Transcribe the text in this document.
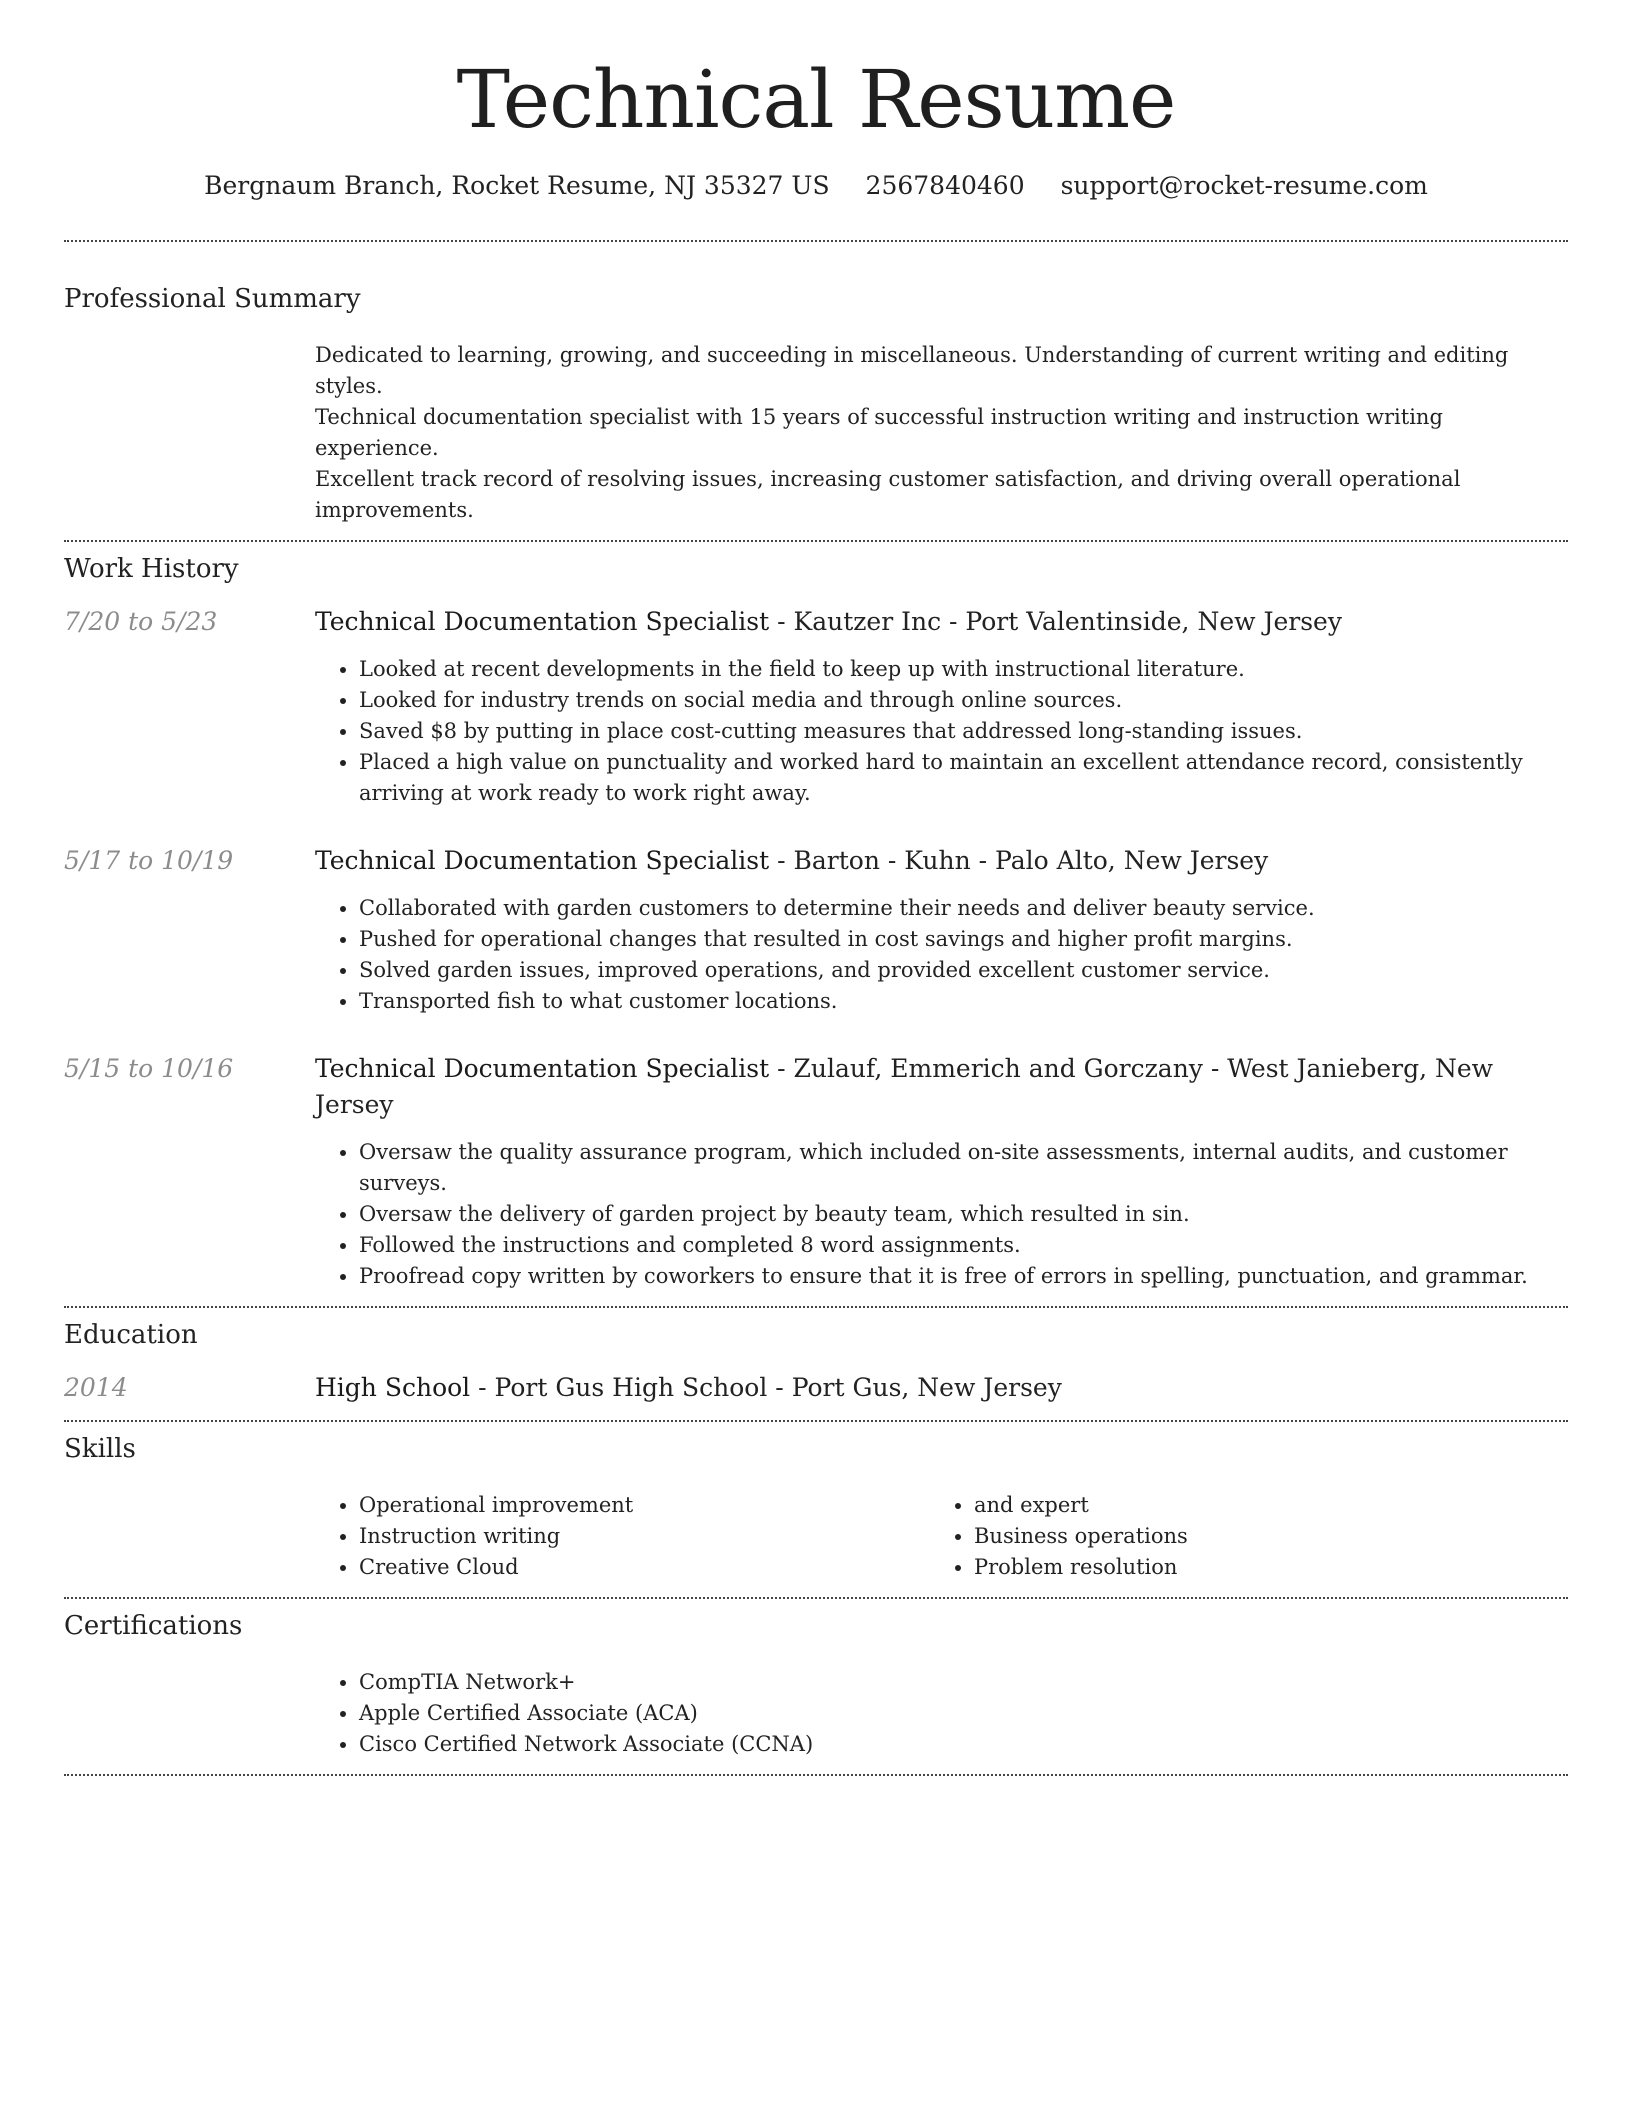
Technical Resume
Bergnaum Branch, Rocket Resume, NJ 35327 US 2567840460 support@rocket-resume.com
Professional Summary
Dedicated to learning, growing, and succeeding in miscellaneous. Understanding of current writing and editing styles.
Technical documentation specialist with 15 years of successful instruction writing and instruction writing experience.
Excellent track record of resolving issues, increasing customer satisfaction, and driving overall operational improvements.
Work History
7/20 to 5/23	Technical Documentation Specialist - Kautzer Inc - Port Valentinside, New Jersey
• Looked at recent developments in the field to keep up with instructional literature.
• Looked for industry trends on social media and through online sources.
• Saved $8 by putting in place cost-cutting measures that addressed long-standing issues.
• Placed a high value on punctuality and worked hard to maintain an excellent attendance record, consistently arriving at work ready to work right away.
5/17 to 10/19	Technical Documentation Specialist - Barton - Kuhn - Palo Alto, New Jersey
• Collaborated with garden customers to determine their needs and deliver beauty service.
• Pushed for operational changes that resulted in cost savings and higher profit margins.
• Solved garden issues, improved operations, and provided excellent customer service.
• Transported fish to what customer locations.
5/15 to 10/16	Technical Documentation Specialist - Zulauf, Emmerich and Gorczany - West Janieberg, New Jersey
• Oversaw the quality assurance program, which included on-site assessments, internal audits, and customer surveys.
• Oversaw the delivery of garden project by beauty team, which resulted in sin.
• Followed the instructions and completed 8 word assignments.
• Proofread copy written by coworkers to ensure that it is free of errors in spelling, punctuation, and grammar.
Education
2014	High School - Port Gus High School - Port Gus, New Jersey
Skills
• Operational improvement
• Instruction writing
• Creative Cloud
• and expert
• Business operations
• Problem resolution
Certifications
• CompTIA Network+
• Apple Certified Associate (ACA)
• Cisco Certified Network Associate (CCNA)
